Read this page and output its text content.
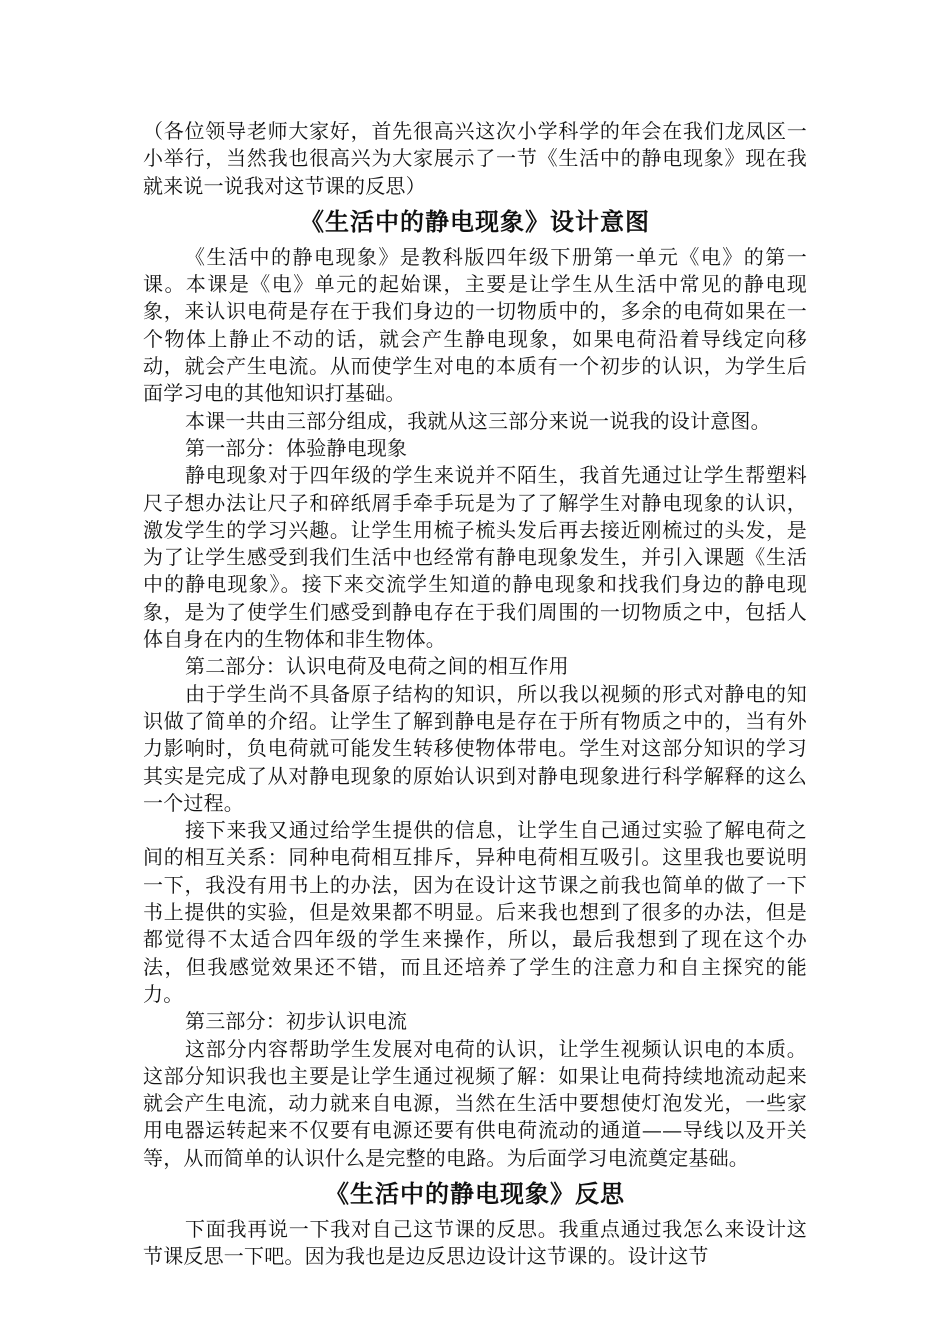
（各位领导老师大家好，首先很高兴这次小学科学的年会在我们龙凤区一小举行，当然我也很高兴为大家展示了一节《生活中的静电现象》现在我就来说一说我对这节课的反思）

《生活中的静电现象》设计意图

《生活中的静电现象》是教科版四年级下册第一单元《电》的第一课。本课是《电》单元的起始课，主要是让学生从生活中常见的静电现象，来认识电荷是存在于我们身边的一切物质中的，多余的电荷如果在一个物体上静止不动的话，就会产生静电现象，如果电荷沿着导线定向移动，就会产生电流。从而使学生对电的本质有一个初步的认识，为学生后面学习电的其他知识打基础。

本课一共由三部分组成，我就从这三部分来说一说我的设计意图。

第一部分：体验静电现象

静电现象对于四年级的学生来说并不陌生，我首先通过让学生帮塑料尺子想办法让尺子和碎纸屑手牵手玩是为了了解学生对静电现象的认识，激发学生的学习兴趣。让学生用梳子梳头发后再去接近刚梳过的头发，是为了让学生感受到我们生活中也经常有静电现象发生，并引入课题《生活中的静电现象》。接下来交流学生知道的静电现象和找我们身边的静电现象，是为了使学生们感受到静电存在于我们周围的一切物质之中，包括人体自身在内的生物体和非生物体。

第二部分：认识电荷及电荷之间的相互作用

由于学生尚不具备原子结构的知识，所以我以视频的形式对静电的知识做了简单的介绍。让学生了解到静电是存在于所有物质之中的，当有外力影响时，负电荷就可能发生转移使物体带电。学生对这部分知识的学习其实是完成了从对静电现象的原始认识到对静电现象进行科学解释的这么一个过程。

接下来我又通过给学生提供的信息，让学生自己通过实验了解电荷之间的相互关系：同种电荷相互排斥，异种电荷相互吸引。这里我也要说明一下，我没有用书上的办法，因为在设计这节课之前我也简单的做了一下书上提供的实验，但是效果都不明显。后来我也想到了很多的办法，但是都觉得不太适合四年级的学生来操作，所以，最后我想到了现在这个办法，但我感觉效果还不错，而且还培养了学生的注意力和自主探究的能力。

第三部分：初步认识电流

这部分内容帮助学生发展对电荷的认识，让学生视频认识电的本质。这部分知识我也主要是让学生通过视频了解：如果让电荷持续地流动起来就会产生电流，动力就来自电源，当然在生活中要想使灯泡发光，一些家用电器运转起来不仅要有电源还要有供电荷流动的通道——导线以及开关等，从而简单的认识什么是完整的电路。为后面学习电流奠定基础。

《生活中的静电现象》反思

下面我再说一下我对自己这节课的反思。我重点通过我怎么来设计这节课反思一下吧。因为我也是边反思边设计这节课的。设计这节
